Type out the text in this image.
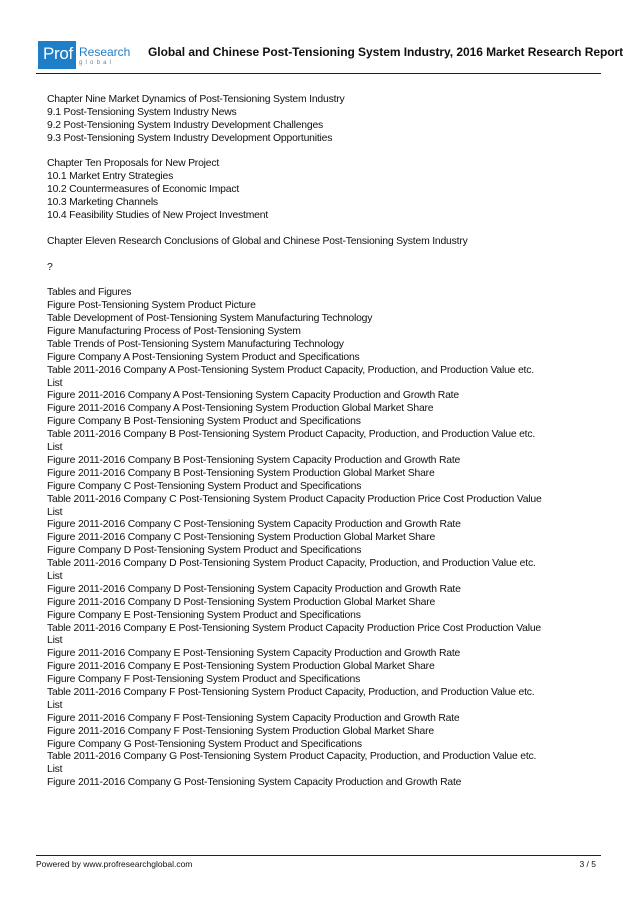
Prof Research
global
Global and Chinese Post-Tensioning System Industry, 2016 Market Research Report
Chapter Nine Market Dynamics of Post-Tensioning System Industry
9.1 Post-Tensioning System Industry News
9.2 Post-Tensioning System Industry Development Challenges
9.3 Post-Tensioning System Industry Development Opportunities
Chapter Ten Proposals for New Project
10.1 Market Entry Strategies
10.2 Countermeasures of Economic Impact
10.3 Marketing Channels
10.4 Feasibility Studies of New Project Investment
Chapter Eleven Research Conclusions of Global and Chinese Post-Tensioning System Industry
?
Tables and Figures
Figure Post-Tensioning System Product Picture
Table Development of Post-Tensioning System Manufacturing Technology
Figure Manufacturing Process of Post-Tensioning System
Table Trends of Post-Tensioning System Manufacturing Technology
Figure Company A Post-Tensioning System Product and Specifications
Table 2011-2016 Company A Post-Tensioning System Product Capacity, Production, and Production Value etc.
List
Figure 2011-2016 Company A Post-Tensioning System Capacity Production and Growth Rate
Figure 2011-2016 Company A Post-Tensioning System Production Global Market Share
Figure Company B Post-Tensioning System Product and Specifications
Table 2011-2016 Company B Post-Tensioning System Product Capacity, Production, and Production Value etc.
List
Figure 2011-2016 Company B Post-Tensioning System Capacity Production and Growth Rate
Figure 2011-2016 Company B Post-Tensioning System Production Global Market Share
Figure Company C Post-Tensioning System Product and Specifications
Table 2011-2016 Company C Post-Tensioning System Product Capacity Production Price Cost Production Value
List
Figure 2011-2016 Company C Post-Tensioning System Capacity Production and Growth Rate
Figure 2011-2016 Company C Post-Tensioning System Production Global Market Share
Figure Company D Post-Tensioning System Product and Specifications
Table 2011-2016 Company D Post-Tensioning System Product Capacity, Production, and Production Value etc.
List
Figure 2011-2016 Company D Post-Tensioning System Capacity Production and Growth Rate
Figure 2011-2016 Company D Post-Tensioning System Production Global Market Share
Figure Company E Post-Tensioning System Product and Specifications
Table 2011-2016 Company E Post-Tensioning System Product Capacity Production Price Cost Production Value
List
Figure 2011-2016 Company E Post-Tensioning System Capacity Production and Growth Rate
Figure 2011-2016 Company E Post-Tensioning System Production Global Market Share
Figure Company F Post-Tensioning System Product and Specifications
Table 2011-2016 Company F Post-Tensioning System Product Capacity, Production, and Production Value etc.
List
Figure 2011-2016 Company F Post-Tensioning System Capacity Production and Growth Rate
Figure 2011-2016 Company F Post-Tensioning System Production Global Market Share
Figure Company G Post-Tensioning System Product and Specifications
Table 2011-2016 Company G Post-Tensioning System Product Capacity, Production, and Production Value etc.
List
Figure 2011-2016 Company G Post-Tensioning System Capacity Production and Growth Rate
Powered by www.profresearchglobal.com	3 / 5
